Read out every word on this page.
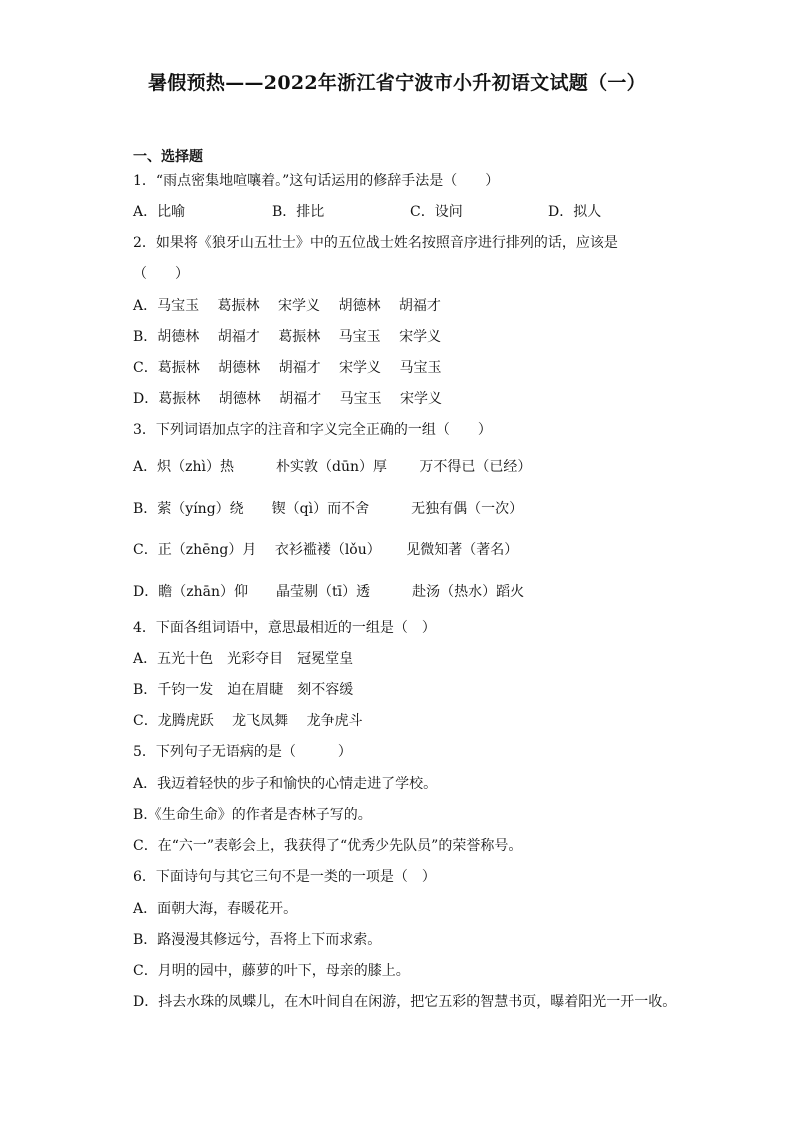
暑假预热——2022年浙江省宁波市小升初语文试题（一）
一、选择题
1．“雨点密集地喧嚷着。”这句话运用的修辞手法是（　　）
A．比喻	B．排比	C．设问	D．拟人
2．如果将《狼牙山五壮士》中的五位战士姓名按照音序进行排列的话，应该是
（　　）
A．马宝玉　 葛振林　 宋学义　 胡德林　 胡福才
B．胡德林　 胡福才　 葛振林　 马宝玉　 宋学义
C．葛振林　 胡德林　 胡福才　 宋学义　 马宝玉
D．葛振林　 胡德林　 胡福才　 马宝玉　 宋学义
3．下列词语加点字的注音和字义完全正确的一组（　　）
A．炽（zhì）热　　　朴实敦（dūn）厚　　 万不得已（已经）
B．萦（yíng）绕　　锲（qì）而不舍　　　无独有偶（一次）
C．正（zhēng）月　 衣衫褴褛（lǒu）　　 见微知著（著名）
D．瞻（zhān）仰　　晶莹剔（tī）透　　　赴汤（热水）蹈火
4．下面各组词语中，意思最相近的一组是（　）
A．五光十色　光彩夺目　冠冕堂皇
B．千钧一发　迫在眉睫　刻不容缓
C．龙腾虎跃　 龙飞凤舞　 龙争虎斗
5．下列句子无语病的是（　　　）
A．我迈着轻快的步子和愉快的心情走进了学校。
B.《生命生命》的作者是杏林子写的。
C．在“六一”表彰会上，我获得了“优秀少先队员”的荣誉称号。
6．下面诗句与其它三句不是一类的一项是（　）
A．面朝大海，春暖花开。
B．路漫漫其修远兮，吾将上下而求索。
C．月明的园中，藤萝的叶下，母亲的膝上。
D．抖去水珠的凤蝶儿，在木叶间自在闲游，把它五彩的智慧书页，曝着阳光一开一收。
